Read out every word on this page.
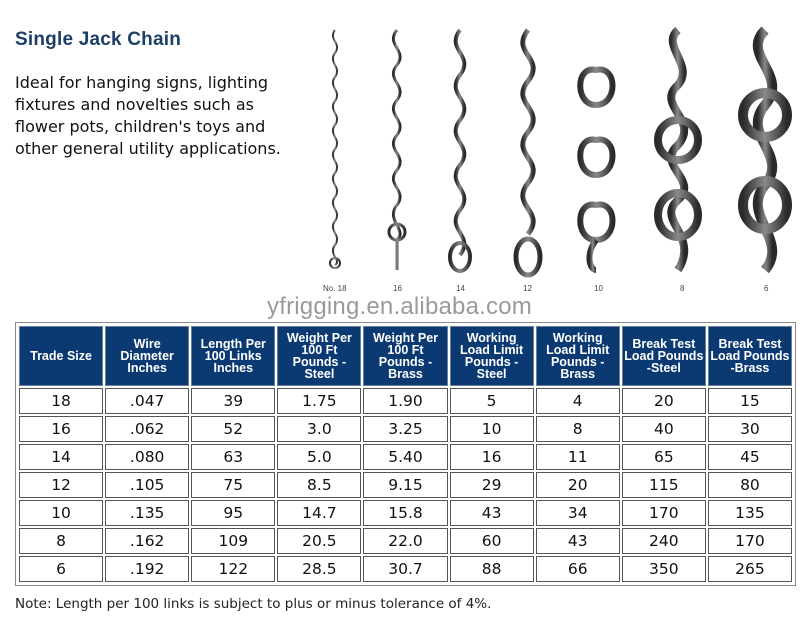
Single Jack Chain
Ideal for hanging signs, lighting fixtures and novelties such as flower pots, children's toys and other general utility applications.
No. 18	16	14	12	10	8	6
yfrigging.en.alibaba.com
Trade Size	Wire Diameter Inches	Length Per 100 Links Inches	Weight Per 100 Ft Pounds - Steel	Weight Per 100 Ft Pounds - Brass	Working Load Limit Pounds - Steel	Working Load Limit Pounds - Brass	Break Test Load Pounds -Steel	Break Test Load Pounds -Brass
18	.047	39	1.75	1.90	5	4	20	15
16	.062	52	3.0	3.25	10	8	40	30
14	.080	63	5.0	5.40	16	11	65	45
12	.105	75	8.5	9.15	29	20	115	80
10	.135	95	14.7	15.8	43	34	170	135
8	.162	109	20.5	22.0	60	43	240	170
6	.192	122	28.5	30.7	88	66	350	265
Note: Length per 100 links is subject to plus or minus tolerance of 4%.
